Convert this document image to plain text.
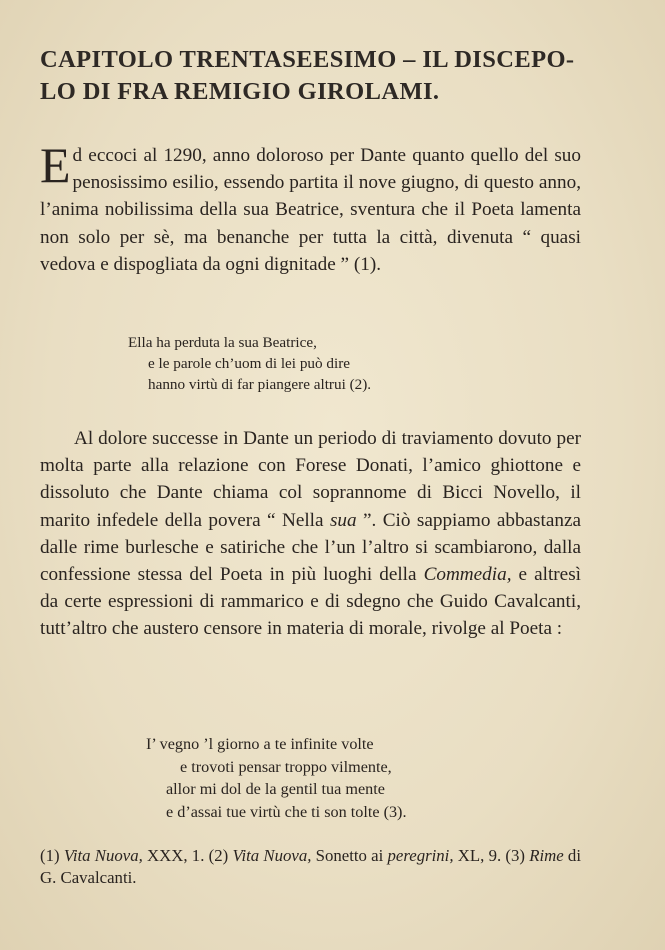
CAPITOLO TRENTASEESIMO – IL DISCEPO-
LO DI FRA REMIGIO GIROLAMI.

Ed eccoci al 1290, anno doloroso per Dante quanto quello del suo penosissimo esilio, essendo partita il nove giugno, di questo anno, l’anima nobilissima della sua Beatrice, sventura che il Poeta lamenta non solo per sè, ma benanche per tutta la città, divenuta “ quasi vedova e dispogliata da ogni dignitade ” (1).

Ella ha perduta la sua Beatrice,
e le parole ch’uom di lei può dire
hanno virtù di far piangere altrui (2).

Al dolore successe in Dante un periodo di traviamento dovuto per molta parte alla relazione con Forese Donati, l’amico ghiottone e dissoluto che Dante chiama col soprannome di Bicci Novello, il marito infedele della povera “ Nella sua ”. Ciò sappiamo abbastanza dalle rime burlesche e satiriche che l’un l’altro si scambiarono, dalla confessione stessa del Poeta in più luoghi della Commedia, e altresì da certe espressioni di rammarico e di sdegno che Guido Cavalcanti, tutt’altro che austero censore in materia di morale, rivolge al Poeta :

I’ vegno ’l giorno a te infinite volte
e trovoti pensar troppo vilmente,
allor mi dol de la gentil tua mente
e d’assai tue virtù che ti son tolte (3).

(1) Vita Nuova, XXX, 1. (2) Vita Nuova, Sonetto ai peregrini, XL, 9. (3) Rime di G. Cavalcanti.
